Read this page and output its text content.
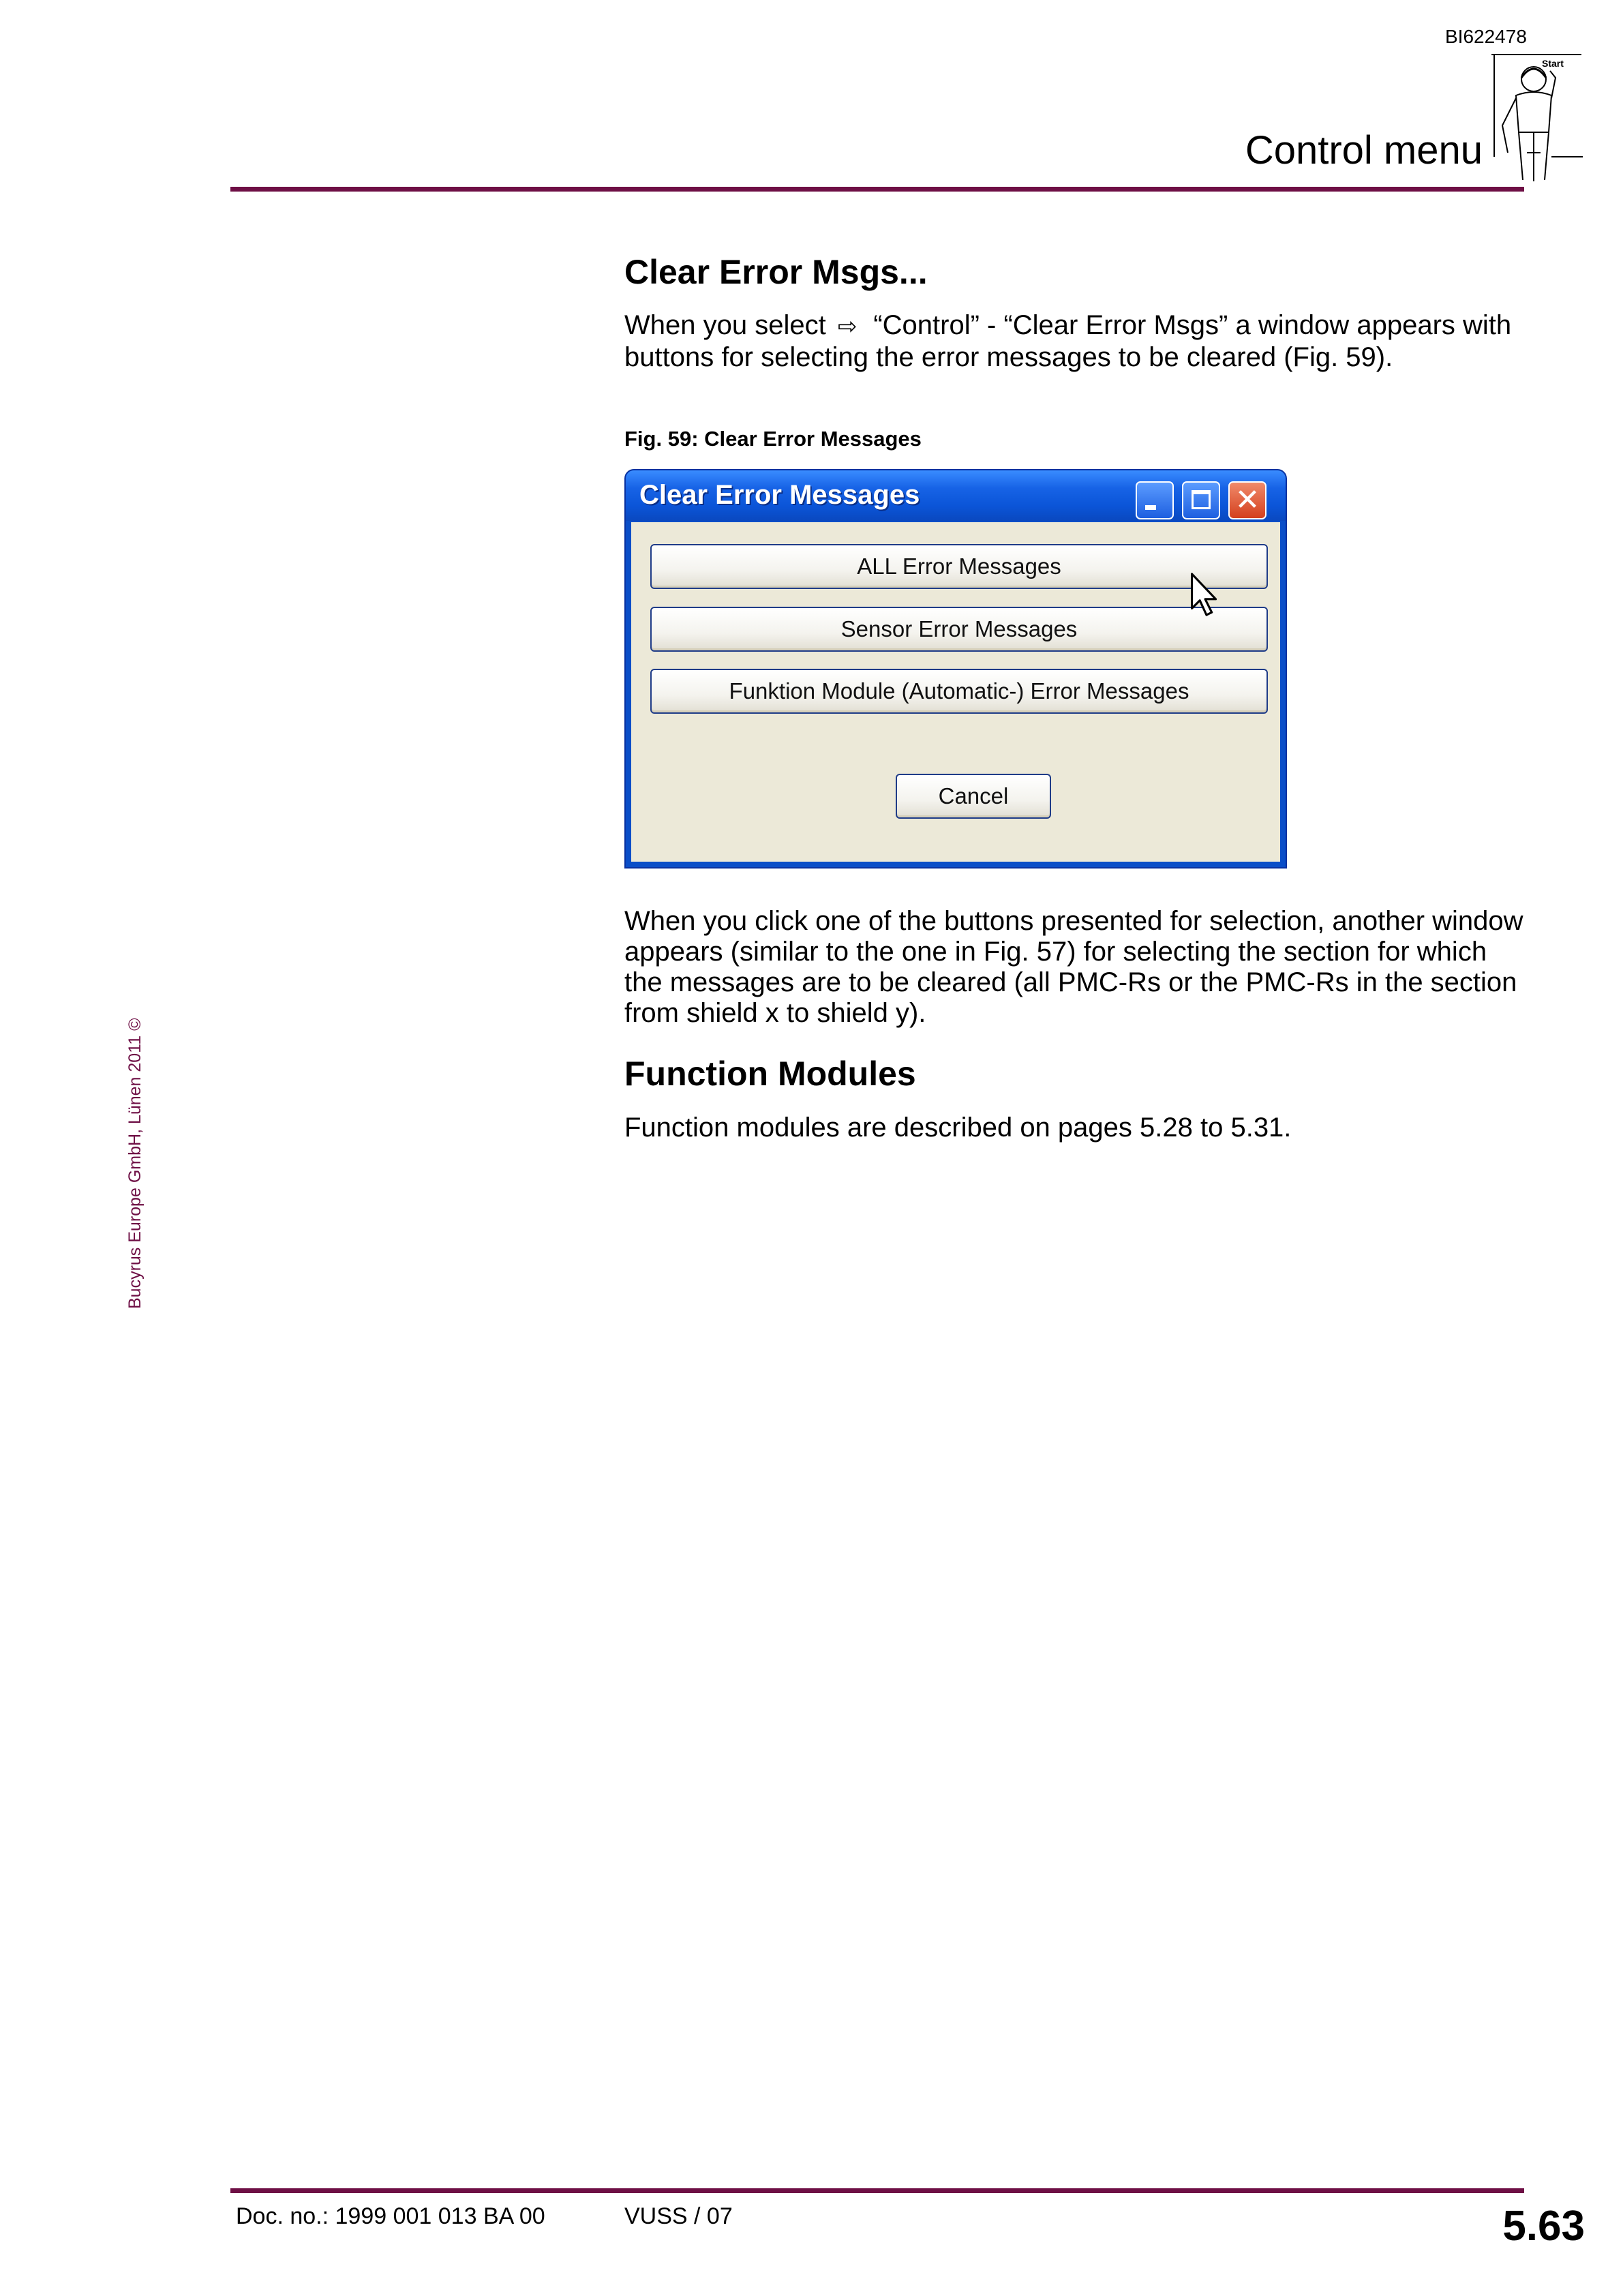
BI622478
Control menu
Start
Bucyrus Europe GmbH, Lünen 2011 ©
Clear Error Msgs...

When you select ⇨ “Control” - “Clear Error Msgs” a window appears with buttons for selecting the error messages to be cleared (Fig. 59).

Fig. 59: Clear Error Messages
Clear Error Messages	✕
ALL Error Messages
Sensor Error Messages
Funktion Module (Automatic-) Error Messages
Cancel

When you click one of the buttons presented for selection, another window appears (similar to the one in Fig. 57) for selecting the section for which the messages are to be cleared (all PMC-Rs or the PMC-Rs in the section from shield x to shield y).

Function Modules

Function modules are described on pages 5.28 to 5.31.

Doc. no.: 1999 001 013 BA 00	VUSS / 07	5.63
